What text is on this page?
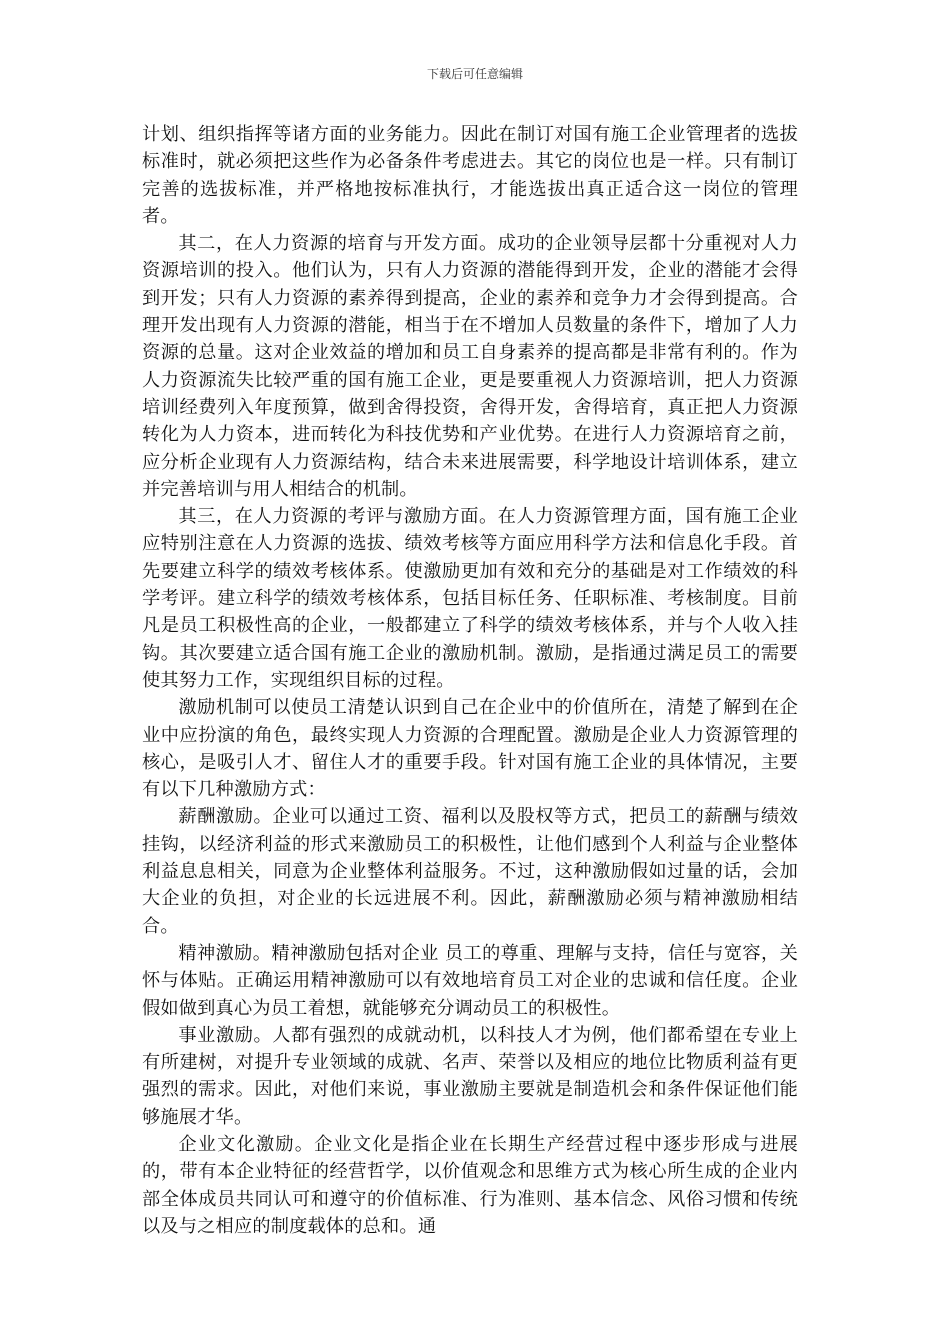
下载后可任意编辑

计划、组织指挥等诸方面的业务能力。因此在制订对国有施工企业管理者的选拔标准时，就必须把这些作为必备条件考虑进去。其它的岗位也是一样。只有制订完善的选拔标准，并严格地按标准执行，才能选拔出真正适合这一岗位的管理者。

其二，在人力资源的培育与开发方面。成功的企业领导层都十分重视对人力资源培训的投入。他们认为，只有人力资源的潜能得到开发，企业的潜能才会得到开发；只有人力资源的素养得到提高，企业的素养和竞争力才会得到提高。合理开发出现有人力资源的潜能，相当于在不增加人员数量的条件下，增加了人力资源的总量。这对企业效益的增加和员工自身素养的提高都是非常有利的。作为人力资源流失比较严重的国有施工企业，更是要重视人力资源培训，把人力资源培训经费列入年度预算，做到舍得投资，舍得开发，舍得培育，真正把人力资源转化为人力资本，进而转化为科技优势和产业优势。在进行人力资源培育之前，应分析企业现有人力资源结构，结合未来进展需要，科学地设计培训体系，建立并完善培训与用人相结合的机制。

其三，在人力资源的考评与激励方面。在人力资源管理方面，国有施工企业应特别注意在人力资源的选拔、绩效考核等方面应用科学方法和信息化手段。首先要建立科学的绩效考核体系。使激励更加有效和充分的基础是对工作绩效的科学考评。建立科学的绩效考核体系，包括目标任务、任职标准、考核制度。目前凡是员工积极性高的企业，一般都建立了科学的绩效考核体系，并与个人收入挂钩。其次要建立适合国有施工企业的激励机制。激励，是指通过满足员工的需要使其努力工作，实现组织目标的过程。

激励机制可以使员工清楚认识到自己在企业中的价值所在，清楚了解到在企业中应扮演的角色，最终实现人力资源的合理配置。激励是企业人力资源管理的核心，是吸引人才、留住人才的重要手段。针对国有施工企业的具体情况，主要有以下几种激励方式：

薪酬激励。企业可以通过工资、福利以及股权等方式，把员工的薪酬与绩效挂钩，以经济利益的形式来激励员工的积极性，让他们感到个人利益与企业整体利益息息相关，同意为企业整体利益服务。不过，这种激励假如过量的话，会加大企业的负担，对企业的长远进展不利。因此，薪酬激励必须与精神激励相结合。

精神激励。精神激励包括对企业 员工的尊重、理解与支持，信任与宽容，关怀与体贴。正确运用精神激励可以有效地培育员工对企业的忠诚和信任度。企业假如做到真心为员工着想，就能够充分调动员工的积极性。

事业激励。人都有强烈的成就动机，以科技人才为例，他们都希望在专业上有所建树，对提升专业领域的成就、名声、荣誉以及相应的地位比物质利益有更强烈的需求。因此，对他们来说，事业激励主要就是制造机会和条件保证他们能够施展才华。

企业文化激励。企业文化是指企业在长期生产经营过程中逐步形成与进展的，带有本企业特征的经营哲学，以价值观念和思维方式为核心所生成的企业内部全体成员共同认可和遵守的价值标准、行为准则、基本信念、风俗习惯和传统以及与之相应的制度载体的总和。通
